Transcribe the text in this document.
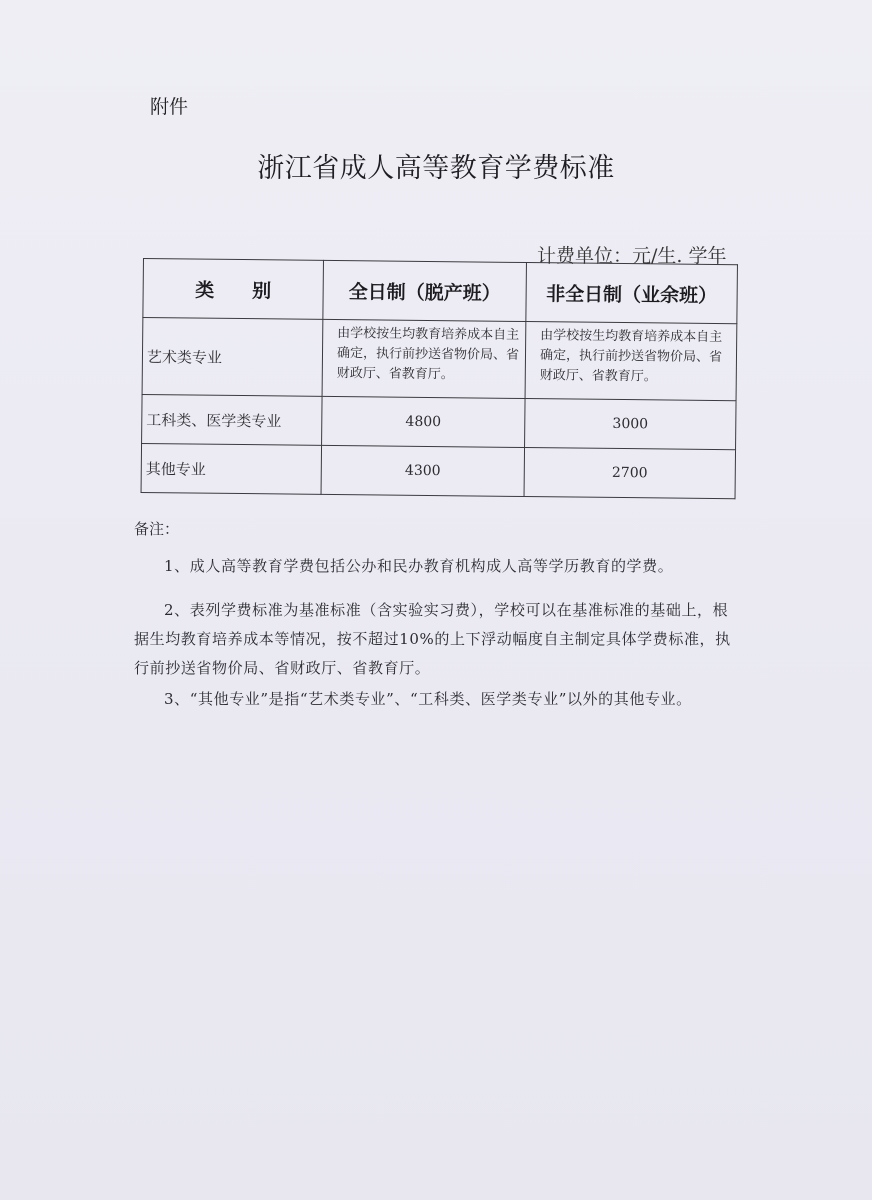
附件
浙江省成人高等教育学费标准
计费单位：元/生. 学年
类　　别	全日制（脱产班）	非全日制（业余班）
艺术类专业	由学校按生均教育培养成本自主确定，执行前抄送省物价局、省财政厅、省教育厅。	由学校按生均教育培养成本自主确定，执行前抄送省物价局、省财政厅、省教育厅。
工科类、医学类专业	4800	3000
其他专业	4300	2700
备注：
1、成人高等教育学费包括公办和民办教育机构成人高等学历教育的学费。
2、表列学费标准为基准标准（含实验实习费），学校可以在基准标准的基础上，根据生均教育培养成本等情况，按不超过10%的上下浮动幅度自主制定具体学费标准，执行前抄送省物价局、省财政厅、省教育厅。
3、“其他专业”是指“艺术类专业”、“工科类、医学类专业”以外的其他专业。
